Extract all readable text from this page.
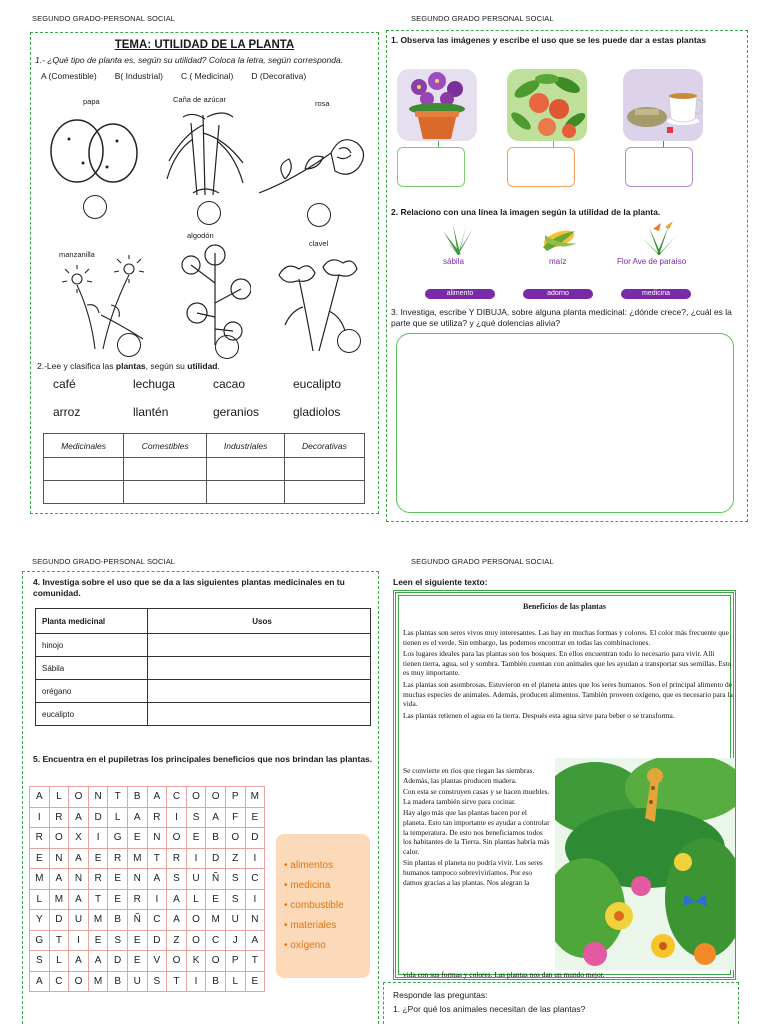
SEGUNDO GRADO-PERSONAL SOCIAL	SEGUNDO GRADO PERSONAL SOCIAL
SEGUNDO GRADO-PERSONAL SOCIAL	SEGUNDO GRADO PERSONAL SOCIAL
TEMA: UTILIDAD DE LA PLANTA
1.- ¿Qué tipo de planta es, según su utilidad? Coloca la letra, según corresponda.
A (Comestible) B( Industrial) C ( Medicinal) D (Decorativa)
papa	Caña de azúcar	rosa
manzanilla
algodón
clavel
2.-Lee y clasifica las plantas, según su utilidad.
café	lechuga	cacao	eucalipto
arroz	llantén	geranios	gladiolos
Medicinales	Comestibles	Industriales	Decorativas

1. Observa las imágenes y escribe el uso que se les puede dar a estas plantas
2. Relaciono con una línea la imagen según la utilidad de la planta.
sábila	maíz	Flor Ave de paraíso
alimento	adorno	medicina
3. Investiga, escribe Y DIBUJA, sobre alguna planta medicinal: ¿dónde crece?, ¿cuál es la parte que se utiliza? y ¿qué dolencias alivia?
4. Investiga sobre el uso que se da a las siguientes plantas medicinales en tu comunidad.
Planta medicinal	Usos
hinojo	
Sábila	
orégano	
eucalipto	
5. Encuentra en el pupiletras los principales beneficios que nos brindan las plantas.
A	L	O	N	T	B	A	C	O	O	P	M
I	R	A	D	L	A	R	I	S	A	F	E
R	O	X	I	G	E	N	O	E	B	O	D
E	N	A	E	R	M	T	R	I	D	Z	I
M	A	N	R	E	N	A	S	U	Ñ	S	C
L	M	A	T	E	R	I	A	L	E	S	I
Y	D	U	M	B	Ñ	C	A	O	M	U	N
G	T	I	E	S	E	D	Z	O	C	J	A
S	L	A	A	D	E	V	O	K	O	P	T
A	C	O	M	B	U	S	T	I	B	L	E
• alimentos
• medicina
• combustible
• materiales
• oxígeno
Leen el siguiente texto:
Beneficios de las plantas

Las plantas son seres vivos muy interesantes. Las hay en muchas formas y colores. El color más frecuente que tienen es el verde. Sin embargo, las podemos encontrar en todas las combinaciones.

Los lugares ideales para las plantas son los bosques. En ellos encuentran todo lo necesario para vivir. Allí tienen tierra, agua, sol y sombra. También cuentan con animales que les ayudan a transportar sus semillas. Esto es muy importante.

Las plantas son asombrosas. Estuvieron en el planeta antes que los seres humanos. Son el principal alimento de muchas especies de animales. Además, producen alimentos. También proveen oxígeno, que es necesario para la vida.

Las plantas retienen el agua en la tierra. Después esta agua sirve para beber o se transforma.

Se convierte en ríos que riegan las siembras. Además, las plantas producen madera.

Con esta se construyen casas y se hacen muebles. La madera también sirve para cocinar.

Hay algo más que las plantas hacen por el planeta. Esto tan importante es ayudar a controlar la temperatura. De esto nos beneficiamos todos los habitantes de la Tierra. Sin plantas habría más calor.

Sin plantas el planeta no podría vivir. Los seres humanos tampoco sobreviviríamos. Por eso damos gracias a las plantas. Nos alegran la

vida con sus formas y colores. Las plantas nos dan un mundo mejor.
Responde las preguntas:
1. ¿Por qué los animales necesitan de las plantas?
